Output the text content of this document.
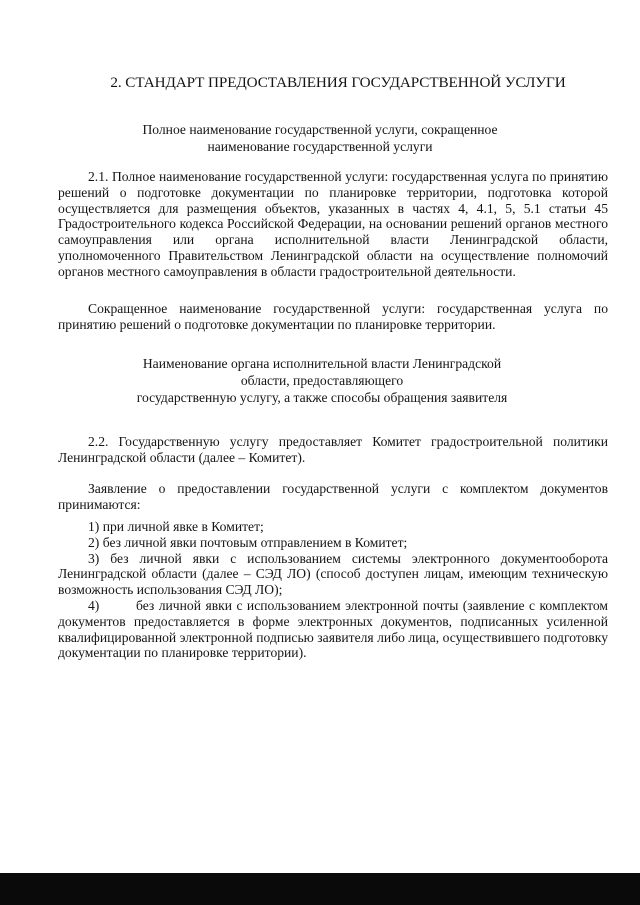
2. СТАНДАРТ ПРЕДОСТАВЛЕНИЯ ГОСУДАРСТВЕННОЙ УСЛУГИ
Полное наименование государственной услуги, сокращенное
наименование государственной услуги

2.1. Полное наименование государственной услуги: государственная услуга по принятию решений о подготовке документации по планировке территории, подготовка которой осуществляется для размещения объектов, указанных в частях 4, 4.1, 5, 5.1 статьи 45 Градостроительного кодекса Российской Федерации, на основании решений органов местного самоуправления или органа исполнительной власти Ленинградской области, уполномоченного Правительством Ленинградской области на осуществление полномочий органов местного самоуправления в области градостроительной деятельности.

Сокращенное наименование государственной услуги: государственная услуга по принятию решений о подготовке документации по планировке территории.

Наименование органа исполнительной власти Ленинградской
области, предоставляющего
государственную услугу, а также способы обращения заявителя

2.2. Государственную услугу предоставляет Комитет градостроительной политики Ленинградской области (далее – Комитет).

Заявление о предоставлении государственной услуги с комплектом документов принимаются:

1) при личной явке в Комитет;
2) без личной явки почтовым отправлением в Комитет;
3) без личной явки с использованием системы электронного документооборота Ленинградской области (далее – СЭД ЛО) (способ доступен лицам, имеющим техническую возможность использования СЭД ЛО);
4)	без личной явки с использованием электронной почты (заявление с комплектом документов предоставляется в форме электронных документов, подписанных усиленной квалифицированной электронной подписью заявителя либо лица, осуществившего подготовку документации по планировке территории).
